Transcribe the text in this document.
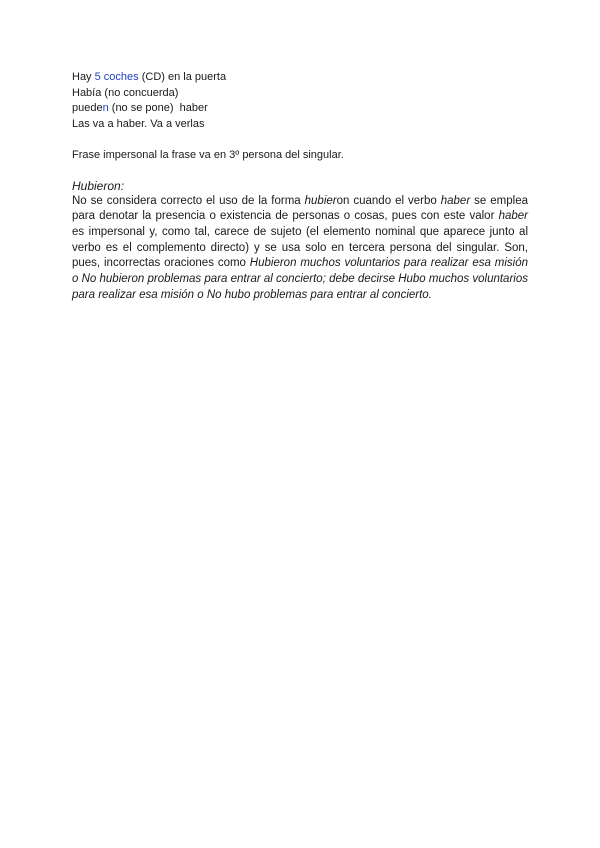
Hay 5 coches (CD) en la puerta
Había (no concuerda)
pueden (no se pone)  haber
Las va a haber. Va a verlas
Frase impersonal la frase va en 3º persona del singular.
Hubieron:

No se considera correcto el uso de la forma hubieron cuando el verbo haber se emplea para denotar la presencia o existencia de personas o cosas, pues con este valor haber es impersonal y, como tal, carece de sujeto (el elemento nominal que aparece junto al verbo es el complemento directo) y se usa solo en tercera persona del singular. Son, pues, incorrectas oraciones como Hubieron muchos voluntarios para realizar esa misión o No hubieron problemas para entrar al concierto; debe decirse Hubo muchos voluntarios para realizar esa misión o No hubo problemas para entrar al concierto.
